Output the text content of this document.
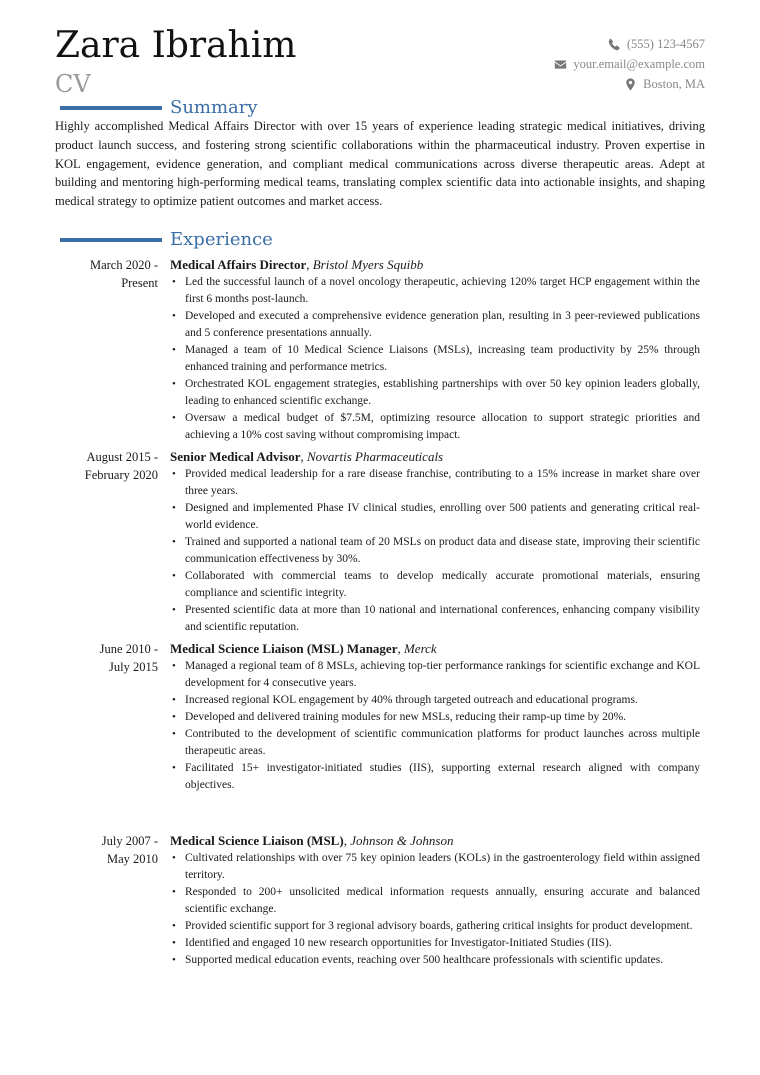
Zara Ibrahim
CV
(555) 123-4567
your.email@example.com
Boston, MA
Summary
Highly accomplished Medical Affairs Director with over 15 years of experience leading strategic medical initiatives, driving product launch success, and fostering strong scientific collaborations within the pharmaceutical industry. Proven expertise in KOL engagement, evidence generation, and compliant medical communications across diverse therapeutic areas. Adept at building and mentoring high-performing medical teams, translating complex scientific data into actionable insights, and shaping medical strategy to optimize patient outcomes and market access.
Experience
March 2020 -
Present
Medical Affairs Director, Bristol Myers Squibb
• Led the successful launch of a novel oncology therapeutic, achieving 120% target HCP engagement within the first 6 months post-launch.
• Developed and executed a comprehensive evidence generation plan, resulting in 3 peer-reviewed publications and 5 conference presentations annually.
• Managed a team of 10 Medical Science Liaisons (MSLs), increasing team productivity by 25% through enhanced training and performance metrics.
• Orchestrated KOL engagement strategies, establishing partnerships with over 50 key opinion leaders globally, leading to enhanced scientific exchange.
• Oversaw a medical budget of $7.5M, optimizing resource allocation to support strategic priorities and achieving a 10% cost saving without compromising impact.
August 2015 -
February 2020
Senior Medical Advisor, Novartis Pharmaceuticals
• Provided medical leadership for a rare disease franchise, contributing to a 15% increase in market share over three years.
• Designed and implemented Phase IV clinical studies, enrolling over 500 patients and generating critical real-world evidence.
• Trained and supported a national team of 20 MSLs on product data and disease state, improving their scientific communication effectiveness by 30%.
• Collaborated with commercial teams to develop medically accurate promotional materials, ensuring compliance and scientific integrity.
• Presented scientific data at more than 10 national and international conferences, enhancing company visibility and scientific reputation.
June 2010 -
July 2015
Medical Science Liaison (MSL) Manager, Merck
• Managed a regional team of 8 MSLs, achieving top-tier performance rankings for scientific exchange and KOL development for 4 consecutive years.
• Increased regional KOL engagement by 40% through targeted outreach and educational programs.
• Developed and delivered training modules for new MSLs, reducing their ramp-up time by 20%.
• Contributed to the development of scientific communication platforms for product launches across multiple therapeutic areas.
• Facilitated 15+ investigator-initiated studies (IIS), supporting external research aligned with company objectives.
July 2007 -
May 2010
Medical Science Liaison (MSL), Johnson & Johnson
• Cultivated relationships with over 75 key opinion leaders (KOLs) in the gastroenterology field within assigned territory.
• Responded to 200+ unsolicited medical information requests annually, ensuring accurate and balanced scientific exchange.
• Provided scientific support for 3 regional advisory boards, gathering critical insights for product development.
• Identified and engaged 10 new research opportunities for Investigator-Initiated Studies (IIS).
• Supported medical education events, reaching over 500 healthcare professionals with scientific updates.
